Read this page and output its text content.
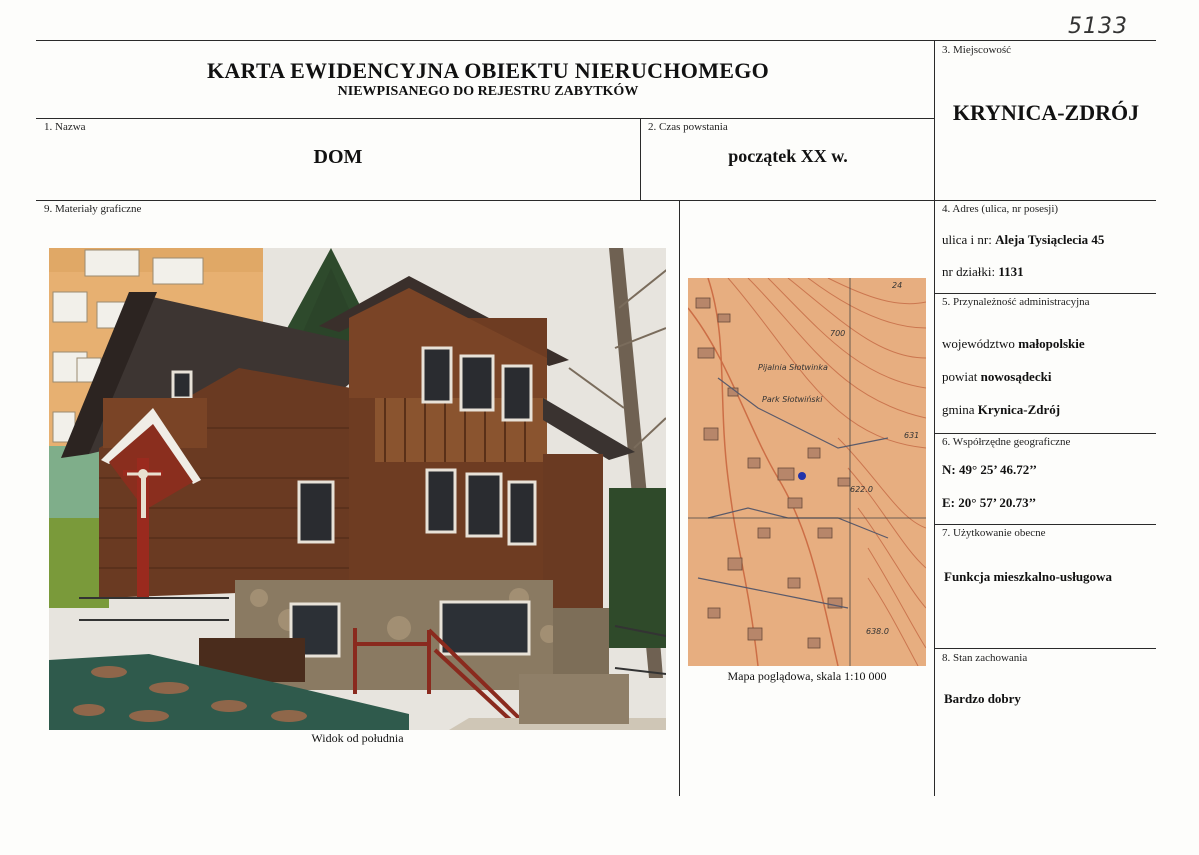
5133
KARTA EWIDENCYJNA OBIEKTU NIERUCHOMEGO
NIEWPISANEGO DO REJESTRU ZABYTKÓW
3. Miejscowość
KRYNICA-ZDRÓJ
1. Nazwa
DOM
2. Czas powstania
początek XX w.
9. Materiały graficzne
Widok od południa
Pijalnia Słotwinka
Park Słotwiński
700
24
631
622.0
638.0
Mapa poglądowa, skala 1:10 000
4. Adres (ulica, nr posesji)
ulica i nr: Aleja Tysiąclecia 45
nr działki: 1131
5. Przynależność administracyjna
województwo małopolskie
powiat nowosądecki
gmina Krynica-Zdrój
6. Współrzędne geograficzne
N: 49° 25’ 46.72’’
E: 20° 57’ 20.73’’
7. Użytkowanie obecne
Funkcja mieszkalno-usługowa
8. Stan zachowania
Bardzo dobry
